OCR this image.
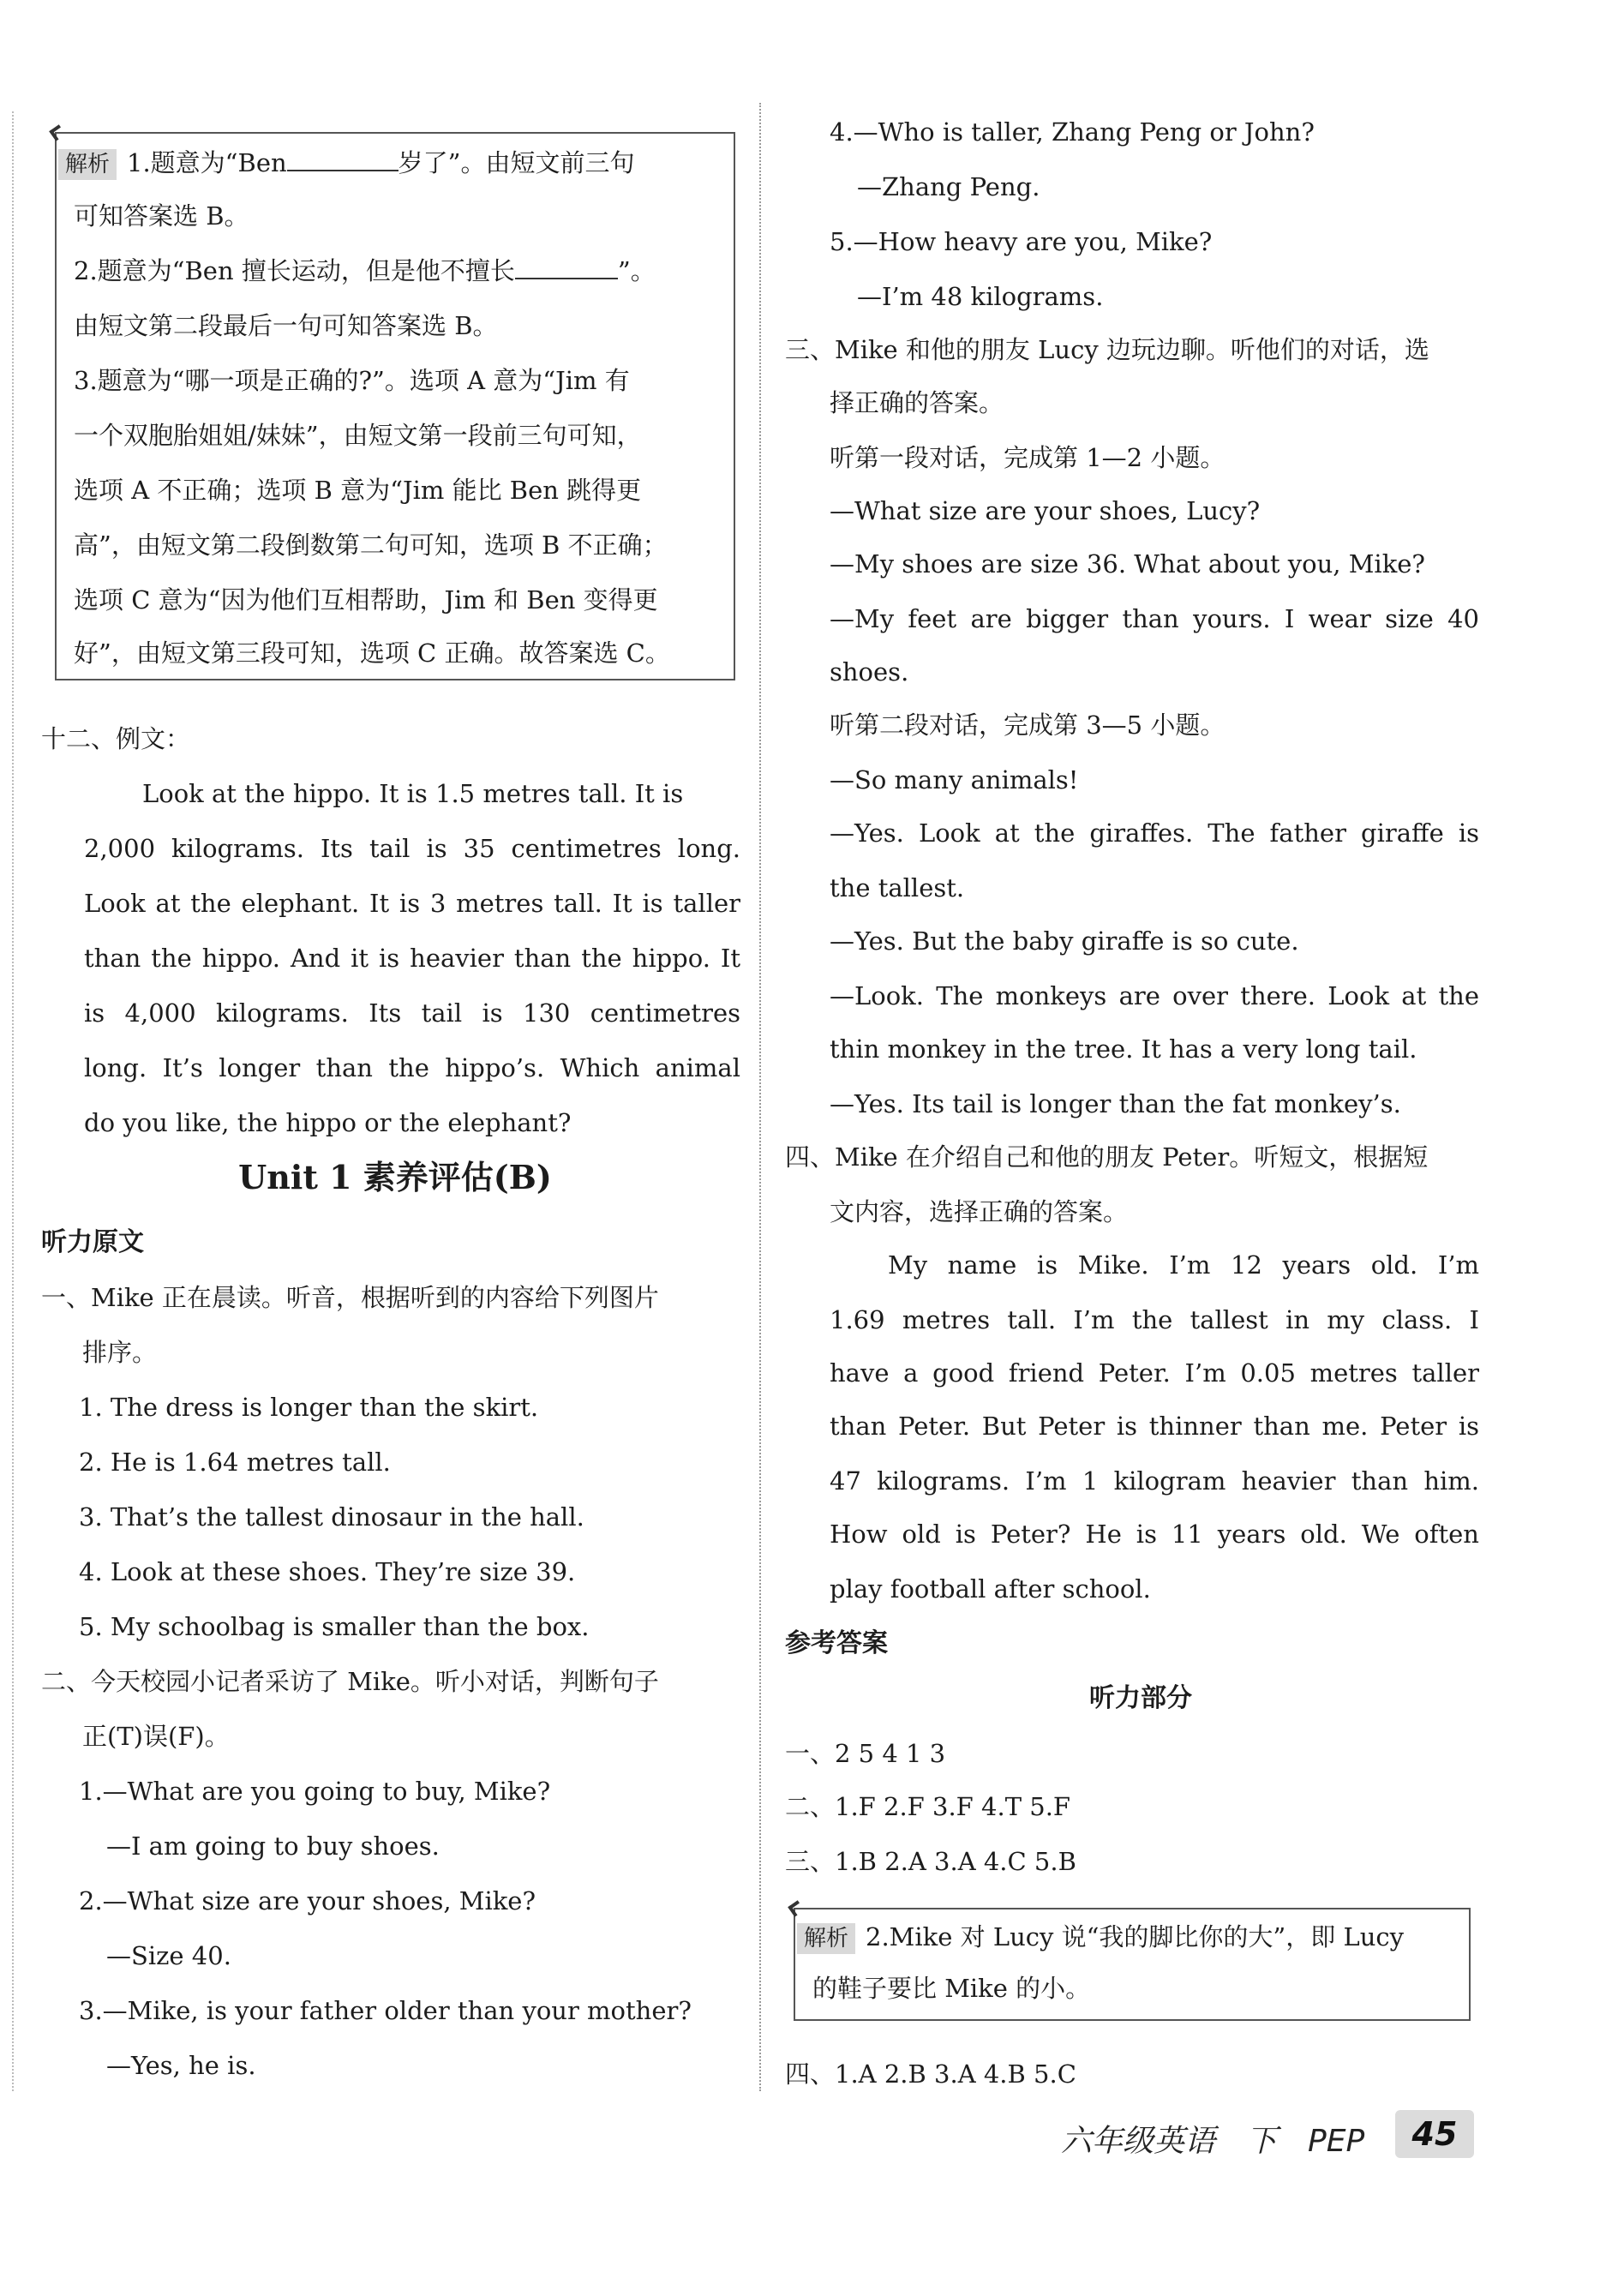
解析 1.题意为“Ben	岁了”。由短文前三句
可知答案选 B。
2.题意为“Ben 擅长运动，但是他不擅长	”。
由短文第二段最后一句可知答案选 B。
3.题意为“哪一项是正确的?”。选项 A 意为“Jim 有
一个双胞胎姐姐/妹妹”，由短文第一段前三句可知，
选项 A 不正确；选项 B 意为“Jim 能比 Ben 跳得更
高”，由短文第二段倒数第二句可知，选项 B 不正确；
选项 C 意为“因为他们互相帮助，Jim 和 Ben 变得更
好”，由短文第三段可知，选项 C 正确。故答案选 C。
十二、例文：
Look at the hippo. It is 1.5 metres tall. It is
2,000 kilograms. Its tail is 35 centimetres long.
Look at the elephant. It is 3 metres tall. It is taller
than the hippo. And it is heavier than the hippo. It
is 4,000 kilograms. Its tail is 130 centimetres
long. It’s longer than the hippo’s. Which animal
do you like, the hippo or the elephant?
Unit 1 素养评估(B)
听力原文
一、Mike 正在晨读。听音，根据听到的内容给下列图片
排序。
1. The dress is longer than the skirt.
2. He is 1.64 metres tall.
3. That’s the tallest dinosaur in the hall.
4. Look at these shoes. They’re size 39.
5. My schoolbag is smaller than the box.
二、今天校园小记者采访了 Mike。听小对话，判断句子
正(T)误(F)。
1.—What are you going to buy, Mike?
—I am going to buy shoes.
2.—What size are your shoes, Mike?
—Size 40.
3.—Mike, is your father older than your mother?
—Yes, he is.
4.—Who is taller, Zhang Peng or John?
—Zhang Peng.
5.—How heavy are you, Mike?
—I’m 48 kilograms.
三、Mike 和他的朋友 Lucy 边玩边聊。听他们的对话，选
择正确的答案。
听第一段对话，完成第 1—2 小题。
—What size are your shoes, Lucy?
—My shoes are size 36. What about you, Mike?
—My feet are bigger than yours. I wear size 40
shoes.
听第二段对话，完成第 3—5 小题。
—So many animals!
—Yes. Look at the giraffes. The father giraffe is
the tallest.
—Yes. But the baby giraffe is so cute.
—Look. The monkeys are over there. Look at the
thin monkey in the tree. It has a very long tail.
—Yes. Its tail is longer than the fat monkey’s.
四、Mike 在介绍自己和他的朋友 Peter。听短文，根据短
文内容，选择正确的答案。
My name is Mike. I’m 12 years old. I’m
1.69 metres tall. I’m the tallest in my class. I
have a good friend Peter. I’m 0.05 metres taller
than Peter. But Peter is thinner than me. Peter is
47 kilograms. I’m 1 kilogram heavier than him.
How old is Peter? He is 11 years old. We often
play football after school.
参考答案
听力部分
一、2 5 4 1 3
二、1.F 2.F 3.F 4.T 5.F
三、1.B 2.A 3.A 4.C 5.B
解析 2.Mike 对 Lucy 说“我的脚比你的大”，即 Lucy
的鞋子要比 Mike 的小。
四、1.A 2.B 3.A 4.B 5.C
六年级英语　下　PEP	45
